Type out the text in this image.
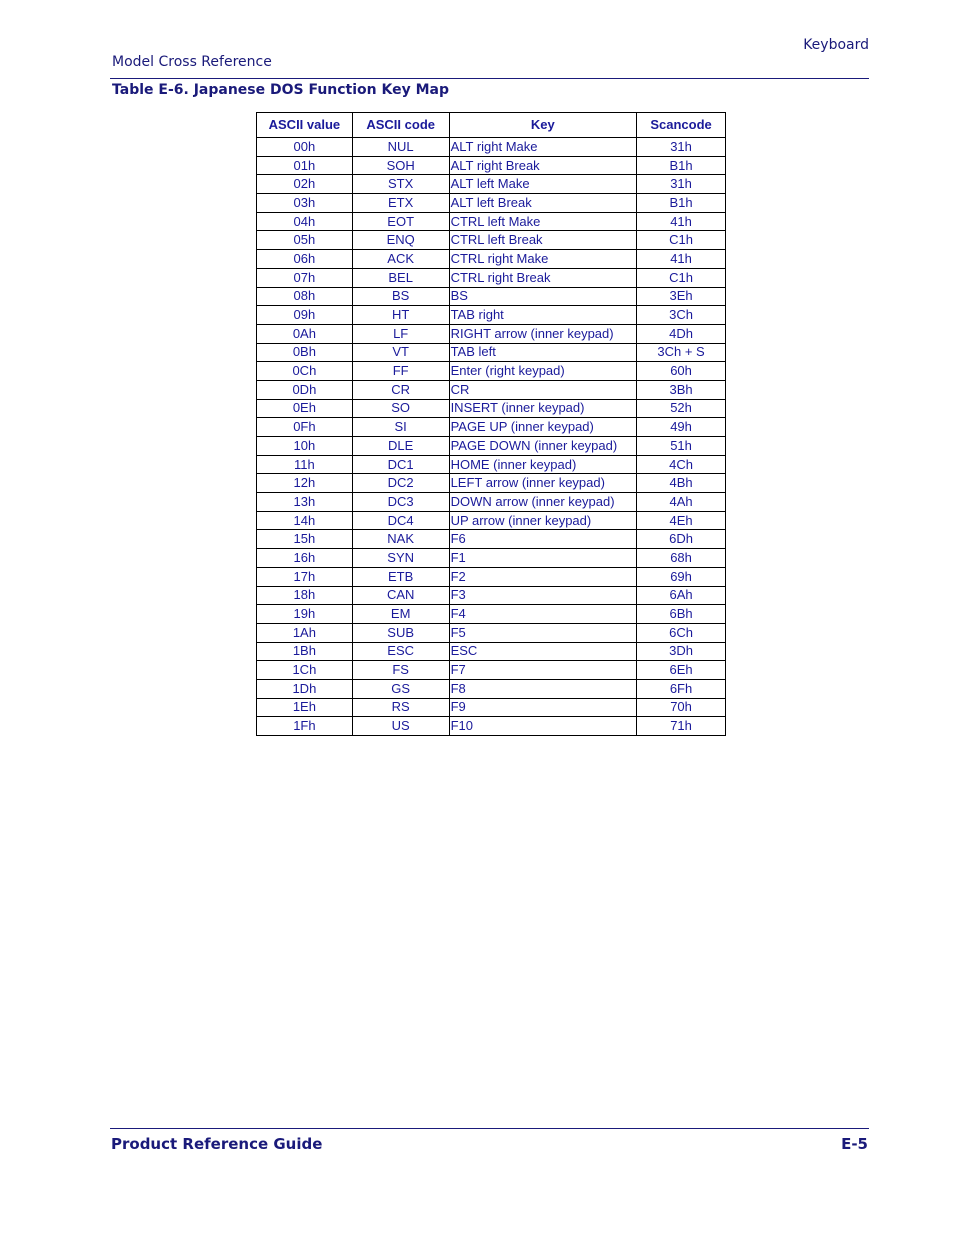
Keyboard
Model Cross Reference
Table E-6. Japanese DOS Function Key Map
ASCII value	ASCII code	Key	Scancode
00h	NUL	ALT right Make	31h
01h	SOH	ALT right Break	B1h
02h	STX	ALT left Make	31h
03h	ETX	ALT left Break	B1h
04h	EOT	CTRL left Make	41h
05h	ENQ	CTRL left Break	C1h
06h	ACK	CTRL right Make	41h
07h	BEL	CTRL right Break	C1h
08h	BS	BS	3Eh
09h	HT	TAB right	3Ch
0Ah	LF	RIGHT arrow (inner keypad)	4Dh
0Bh	VT	TAB left	3Ch + S
0Ch	FF	Enter (right keypad)	60h
0Dh	CR	CR	3Bh
0Eh	SO	INSERT (inner keypad)	52h
0Fh	SI	PAGE UP (inner keypad)	49h
10h	DLE	PAGE DOWN (inner keypad)	51h
11h	DC1	HOME (inner keypad)	4Ch
12h	DC2	LEFT arrow (inner keypad)	4Bh
13h	DC3	DOWN arrow (inner keypad)	4Ah
14h	DC4	UP arrow (inner keypad)	4Eh
15h	NAK	F6	6Dh
16h	SYN	F1	68h
17h	ETB	F2	69h
18h	CAN	F3	6Ah
19h	EM	F4	6Bh
1Ah	SUB	F5	6Ch
1Bh	ESC	ESC	3Dh
1Ch	FS	F7	6Eh
1Dh	GS	F8	6Fh
1Eh	RS	F9	70h
1Fh	US	F10	71h
Product Reference Guide	E-5
